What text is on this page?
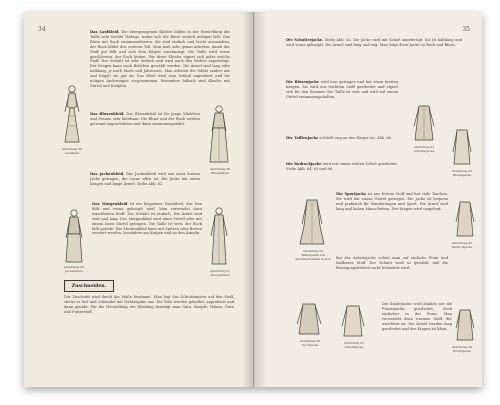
34	Das Laufkleid. Die übergezogenen Kleider bilden in der Herstellung der Taille sehr leichte Vorlage, wobei sich die Bluse einfach anlegen läßt. Das Bluse mit Rock zusammenfassen. Sie sind einfach und leicht anzuziehen, der Rock bildet den unteren Teil. Man muß sehr genau arbeiten, damit der Stoff gut fällt und sich dem Körper anschmiegt. Die Taille wird vorne geschlossen, der Rock hinten. Für diese Kleider eignet sich jeder weiche Stoff. Der Schnitt ist sehr einfach und wird nach den Maßen angefertigt. Der Kragen kann nach Belieben gewählt werden. Die Ärmel sind lang oder halblang, je nach Mode und Jahreszeit. Man arbeitet die Nähte sauber aus und bügelt sie gut ab. Das Kleid wird zum Schluß anprobiert und die nötigen Änderungen vorgenommen. Besonders hübsch sind Kleider mit Gürtel und Knöpfen.
Abbildung 58
Laufkleid
Abbildung 59
Blusenkleid
Das Blusenkleid. Das Blusenkleid ist für junge Mädchen und Frauen sehr kleidsam. Die Bluse und der Rock werden getrennt zugeschnitten und dann zusammengenäht.
Das Jackenkleid. Das Jackenkleid wird mit einer kurzen Jacke getragen, die vorne offen ist. Die Jacke hat einen Kragen und lange Ärmel. Siehe Abb. 62.
Abbildung 60
Jackenkleid
Das Morgenkleid ist ein bequemes Hauskleid, das lose fällt und vorne geknöpft wird. Man verwendet dazu waschbaren Stoff. Der Schnitt ist einfach. Die Ärmel sind weit und lang. Das Morgenkleid wird ohne Gürtel oder mit einem losen Gürtel getragen. Die Taille ist weit, der Rock fällt gerade. Das Morgenkleid kann mit Spitzen oder Borten verziert werden, besonders am Kragen und an den Ärmeln.
Abbildung 61
Morgenkleid
Zuschneiden.
Der Zuschnitt wird durch die Maße bestimmt. Man legt das Schnittmuster auf den Stoff, steckt es fest und schneidet mit Nahtzugabe aus. Die Teile werden geheftet, anprobiert und dann genäht. Für die Herstellung der Kleidung benötigt man Garn, Knöpfe, Haken, Ösen und Futterstoff.
35
Die Schulterjacke. Siehe Abb. 62. Die Jacke wird mit Schoß angefertigt. Sie ist halblang und wird vorne geknöpft. Die Ärmel sind lang und eng. Man trägt diese Jacke zu Rock und Bluse.
Die Blusenjacke wird lose getragen und hat einen breiten Kragen. Sie wird aus leichtem Stoff gearbeitet und eignet sich für den Sommer. Die Taille ist weit und wird mit einem Gürtel zusammengehalten.
Abbildung 62
Schulterjacke
Abbildung 63
Blusenjacke
Die Taillenjacke schließt eng an den Körper an. Abb. 66.
Die Radrockjacke wird mit einem weiten Schoß gearbeitet. Siehe Abb. 64, 65 und 66.
Abbildung 64
Taillenjacke mit
anschließendem Schoß
Die Sportjacke ist aus festem Stoff und hat viele Taschen. Sie wird mit einem Gürtel getragen. Die Jacke ist bequem und praktisch für Wanderungen und Sport. Die Ärmel sind lang und haben Manschetten. Der Kragen wird umgelegt.
Abbildung 65
Radrockjacke
Bei der Arbeitsjacke achtet man auf einfache Form und haltbaren Stoff. Der Schnitt wird so gewählt, daß die Bewegungsfreiheit nicht behindert wird.
Abbildung 66
Sportjacke	Abbildung 67
Arbeitsjacke	Abbildung 68
Kinderjacke
Die Kinderjacke wird ähnlich wie die Frauenjacke gearbeitet, doch einfacher in der Form. Man verwendet dazu warmen Stoff, der waschbar ist. Die Ärmel werden lang gearbeitet und der Kragen ist klein.
